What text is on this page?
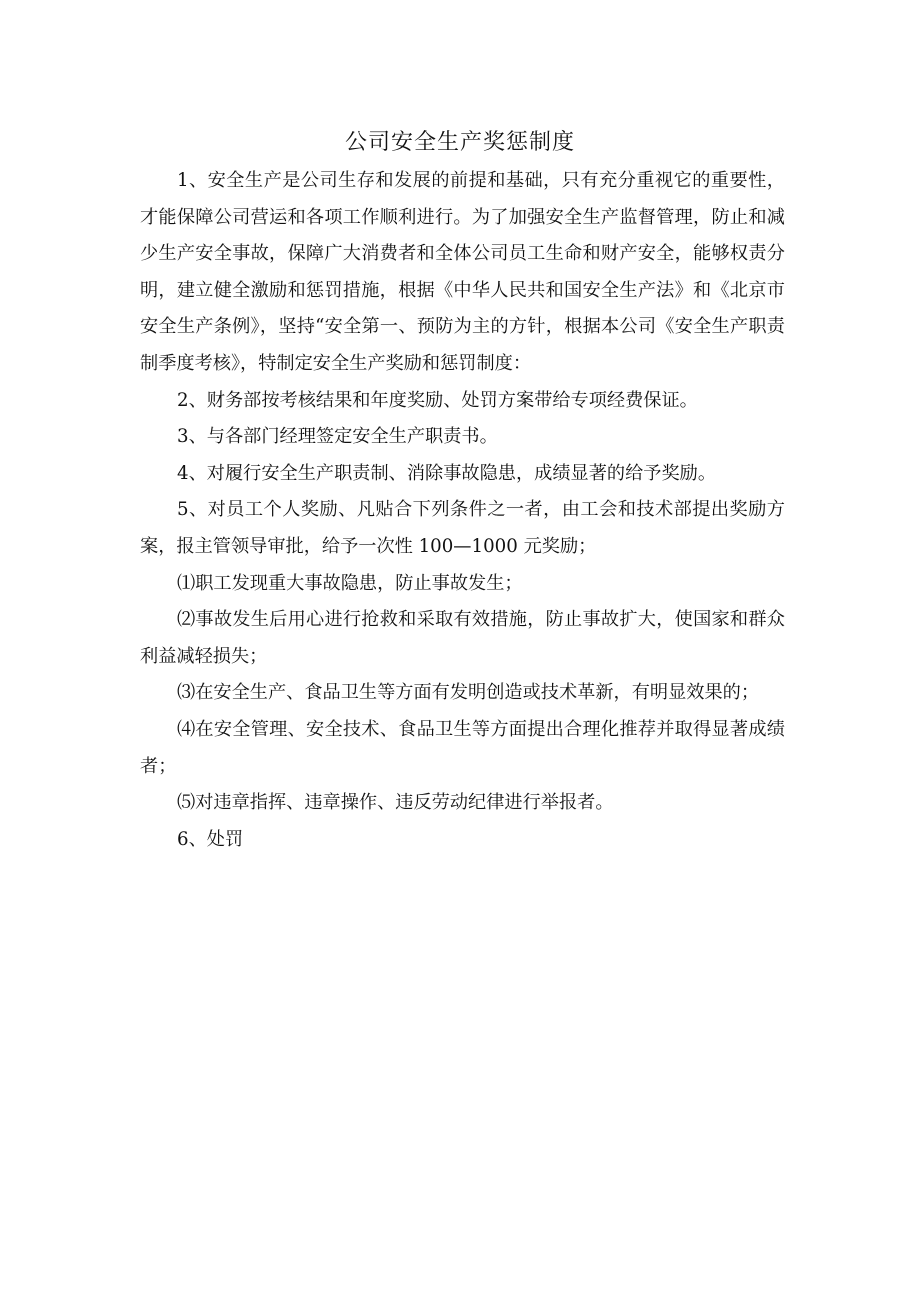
公司安全生产奖惩制度

1、安全生产是公司生存和发展的前提和基础，只有充分重视它的重要性，才能保障公司营运和各项工作顺利进行。为了加强安全生产监督管理，防止和减少生产安全事故，保障广大消费者和全体公司员工生命和财产安全，能够权责分明，建立健全激励和惩罚措施，根据《中华人民共和国安全生产法》和《北京市安全生产条例》，坚持“安全第一、预防为主的方针，根据本公司《安全生产职责制季度考核》，特制定安全生产奖励和惩罚制度：

2、财务部按考核结果和年度奖励、处罚方案带给专项经费保证。

3、与各部门经理签定安全生产职责书。

4、对履行安全生产职责制、消除事故隐患，成绩显著的给予奖励。

5、对员工个人奖励、凡贴合下列条件之一者，由工会和技术部提出奖励方案，报主管领导审批，给予一次性 100—1000 元奖励；

⑴职工发现重大事故隐患，防止事故发生；

⑵事故发生后用心进行抢救和采取有效措施，防止事故扩大，使国家和群众利益减轻损失；

⑶在安全生产、食品卫生等方面有发明创造或技术革新，有明显效果的；

⑷在安全管理、安全技术、食品卫生等方面提出合理化推荐并取得显著成绩者；

⑸对违章指挥、违章操作、违反劳动纪律进行举报者。

6、处罚
